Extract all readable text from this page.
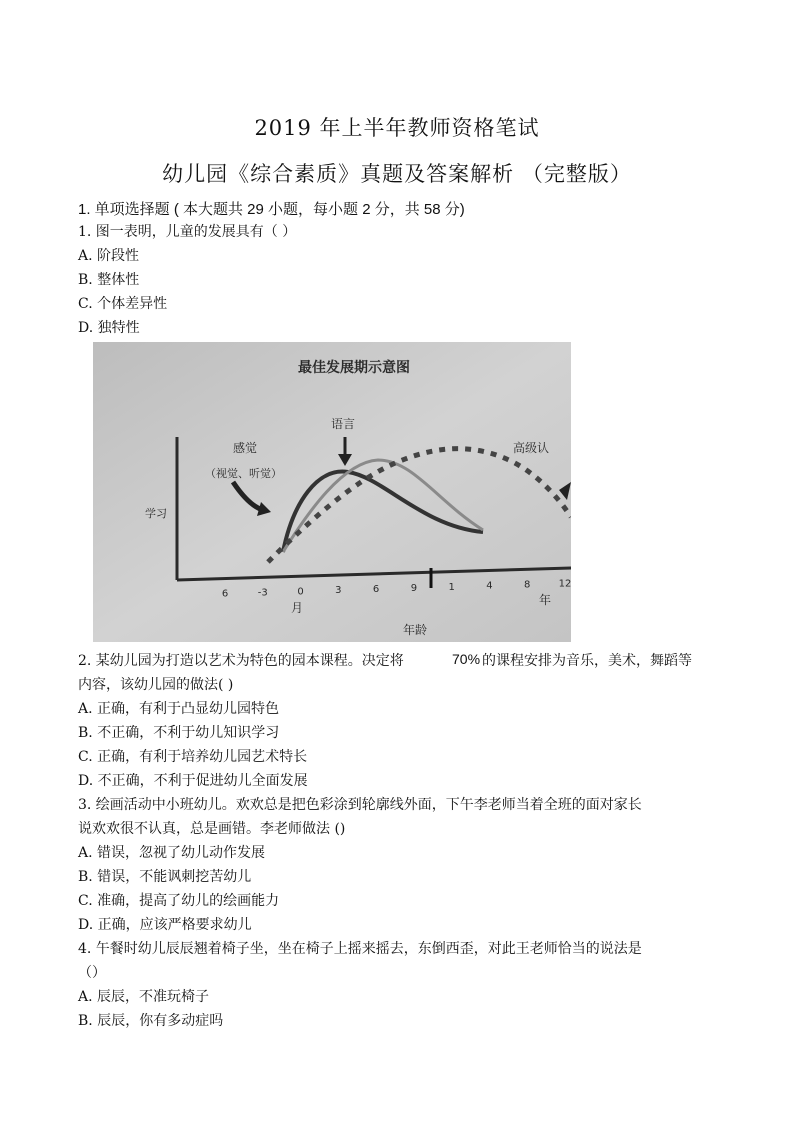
2019 年上半年教师资格笔试
幼儿园《综合素质》真题及答案解析 （完整版）
1. 单项选择题 ( 本大题共 29 小题，每小题 2 分，共 58 分)
1. 图一表明，儿童的发展具有（ ）
A. 阶段性
B. 整体性
C. 个体差异性
D. 独特性
最佳发展期示意图
感觉
（视觉、听觉）
语言
高级认
学习
6	-3	0	3	6	9	1	4	8	12
月
年
年龄
2. 某幼儿园为打造以艺术为特色的园本课程。决定将	70% 的课程安排为音乐，美术，舞蹈等
内容，该幼儿园的做法( )
A. 正确，有利于凸显幼儿园特色
B. 不正确，不利于幼儿知识学习
C. 正确，有利于培养幼儿园艺术特长
D. 不正确，不利于促进幼儿全面发展
3. 绘画活动中小班幼儿。欢欢总是把色彩涂到轮廓线外面，下午李老师当着全班的面对家长
说欢欢很不认真，总是画错。李老师做法 ()
A. 错误，忽视了幼儿动作发展
B. 错误，不能讽刺挖苦幼儿
C. 准确，提高了幼儿的绘画能力
D. 正确，应该严格要求幼儿
4. 午餐时幼儿辰辰翘着椅子坐，坐在椅子上摇来摇去，东倒西歪，对此王老师恰当的说法是
（）
A. 辰辰，不准玩椅子
B. 辰辰，你有多动症吗
